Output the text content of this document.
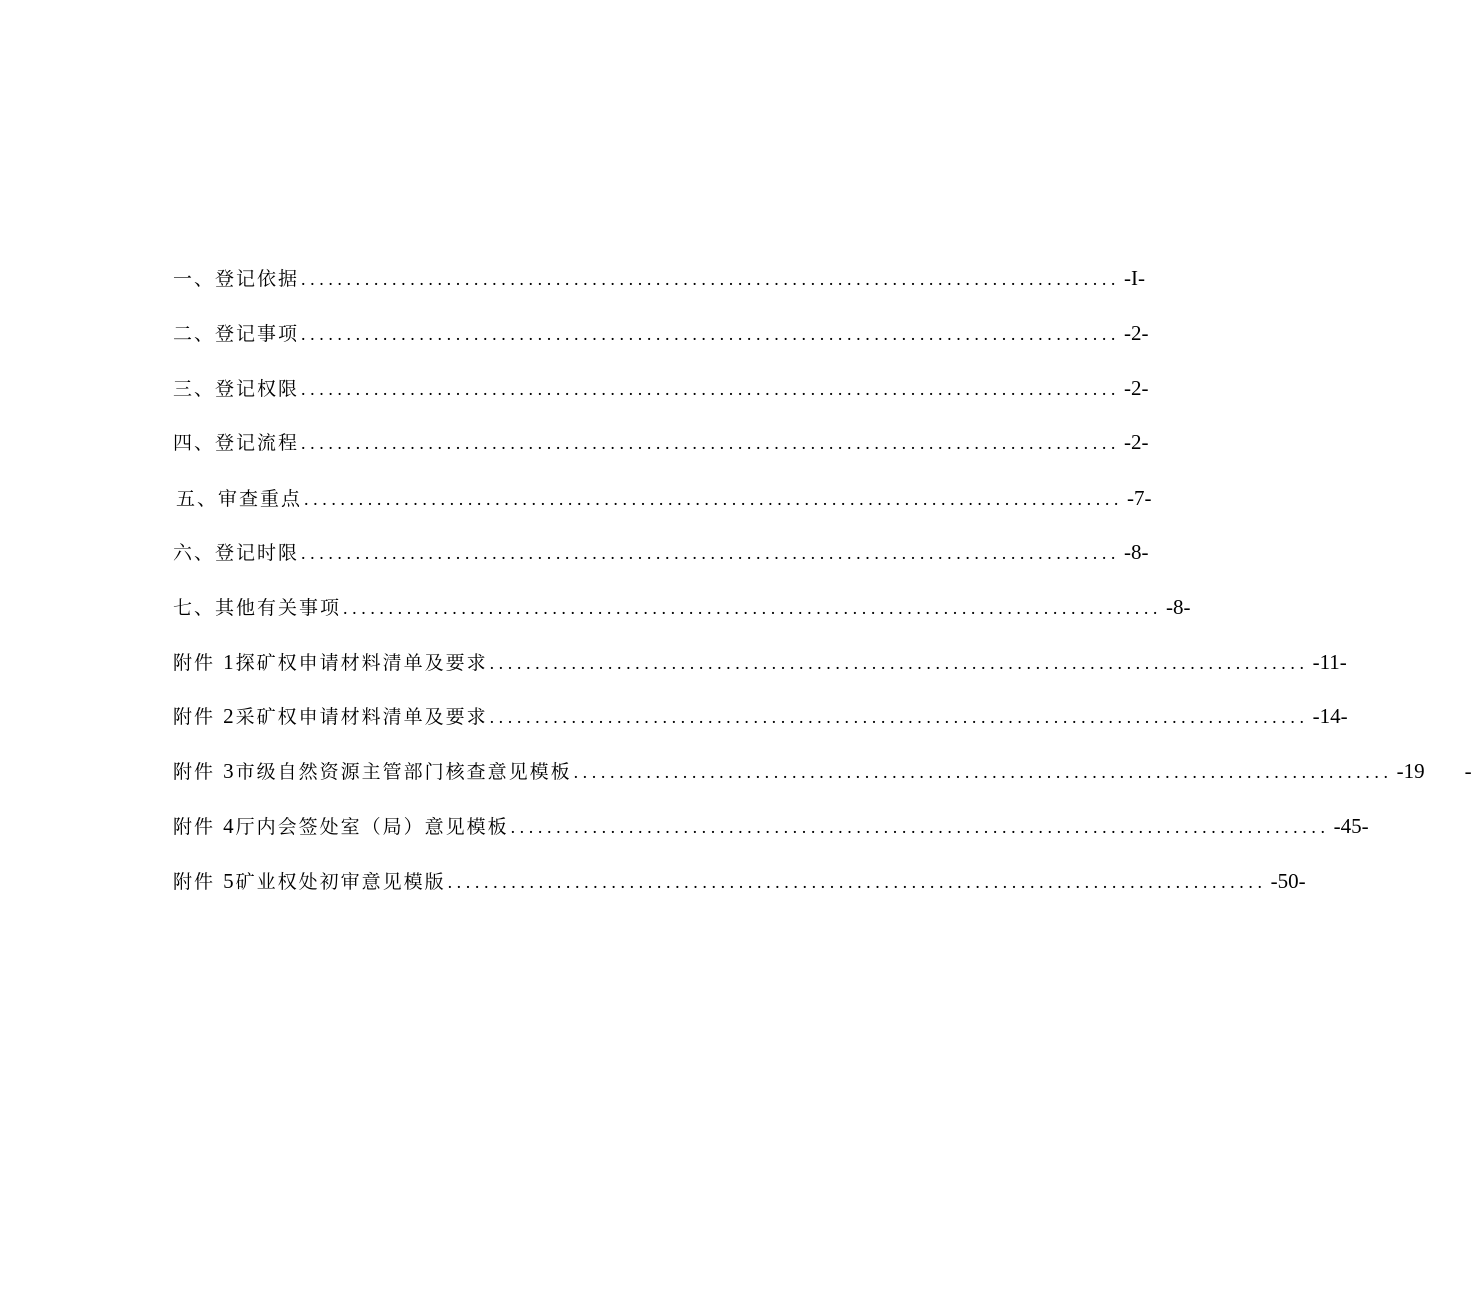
一、登记依据 .......................................................................................... -I-
二、登记事项 .......................................................................................... -2-
三、登记权限 .......................................................................................... -2-
四、登记流程 .......................................................................................... -2-
五、审查重点 .......................................................................................... -7-
六、登记时限 .......................................................................................... -8-
七、其他有关事项 .......................................................................................... -8-
附件 1 探矿权申请材料清单及要求 .......................................................................................... -11-
附件 2 采矿权申请材料清单及要求 .......................................................................................... -14-
附件 3 市级自然资源主管部门核查意见模板 .......................................................................................... -19 -
附件 4 厅内会签处室（局）意见模板 .......................................................................................... -45-
附件 5 矿业权处初审意见模版 .......................................................................................... -50-
